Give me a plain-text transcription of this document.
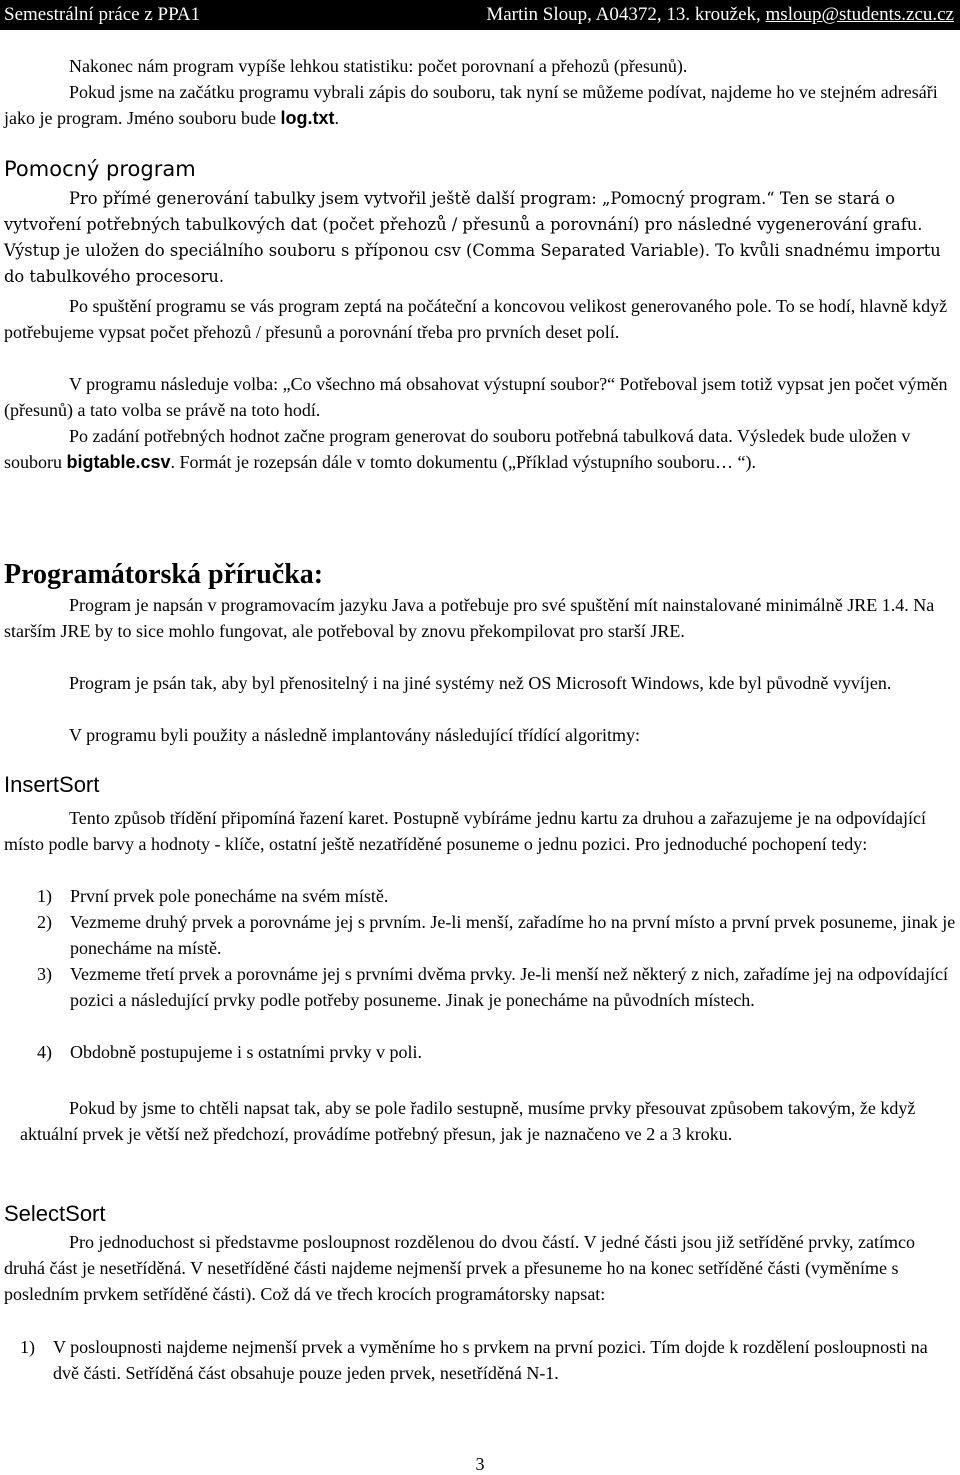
Semestrální práce z PPA1	Martin Sloup, A04372, 13. kroužek, msloup@students.zcu.cz

Nakonec nám program vypíše lehkou statistiku: počet porovnaní a přehozů (přesunů).

Pokud jsme na začátku programu vybrali zápis do souboru, tak nyní se můžeme podívat, najdeme ho ve stejném adresáři jako je program. Jméno souboru bude log.txt.

Pomocný program

Pro přímé generování tabulky jsem vytvořil ještě další program: „Pomocný program.“ Ten se stará o vytvoření potřebných tabulkových dat (počet přehozů / přesunů a porovnání) pro následné vygenerování grafu. Výstup je uložen do speciálního souboru s příponou csv (Comma Separated Variable). To kvůli snadnému importu do tabulkového procesoru.

Po spuštění programu se vás program zeptá na počáteční a koncovou velikost generovaného pole. To se hodí, hlavně když potřebujeme vypsat počet přehozů / přesunů a porovnání třeba pro prvních deset polí.

V programu následuje volba: „Co všechno má obsahovat výstupní soubor?“ Potřeboval jsem totiž vypsat jen počet výměn (přesunů) a tato volba se právě na toto hodí.

Po zadání potřebných hodnot začne program generovat do souboru potřebná tabulková data. Výsledek bude uložen v souboru bigtable.csv. Formát je rozepsán dále v tomto dokumentu („Příklad výstupního souboru… “).

Programátorská příručka:

Program je napsán v programovacím jazyku Java a potřebuje pro své spuštění mít nainstalované minimálně JRE 1.4. Na starším JRE by to sice mohlo fungovat, ale potřeboval by znovu překompilovat pro starší JRE.

Program je psán tak, aby byl přenositelný i na jiné systémy než OS Microsoft Windows, kde byl původně vyvíjen.

V programu byli použity a následně implantovány následující třídící algoritmy:

InsertSort

Tento způsob třídění připomíná řazení karet. Postupně vybíráme jednu kartu za druhou a zařazujeme je na odpovídající místo podle barvy a hodnoty - klíče, ostatní ještě nezatříděné posuneme o jednu pozici. Pro jednoduché pochopení tedy:

1) První prvek pole ponecháme na svém místě.
2) Vezmeme druhý prvek a porovnáme jej s prvním. Je-li menší, zařadíme ho na první místo a první prvek posuneme, jinak je ponecháme na místě.
3) Vezmeme třetí prvek a porovnáme jej s prvními dvěma prvky. Je-li menší než některý z nich, zařadíme jej na odpovídající pozici a následující prvky podle potřeby posuneme. Jinak je ponecháme na původních místech.
4) Obdobně postupujeme i s ostatními prvky v poli.

Pokud by jsme to chtěli napsat tak, aby se pole řadilo sestupně, musíme prvky přesouvat způsobem takovým, že když aktuální prvek je větší než předchozí, provádíme potřebný přesun, jak je naznačeno ve 2 a 3 kroku.

SelectSort

Pro jednoduchost si představme posloupnost rozdělenou do dvou částí. V jedné části jsou již setříděné prvky, zatímco druhá část je nesetříděná. V nesetříděné části najdeme nejmenší prvek a přesuneme ho na konec setříděné části (vyměníme s posledním prvkem setříděné části). Což dá ve třech krocích programátorsky napsat:

1) V posloupnosti najdeme nejmenší prvek a vyměníme ho s prvkem na první pozici. Tím dojde k rozdělení posloupnosti na dvě části. Setříděná část obsahuje pouze jeden prvek, nesetříděná N-1.
3
